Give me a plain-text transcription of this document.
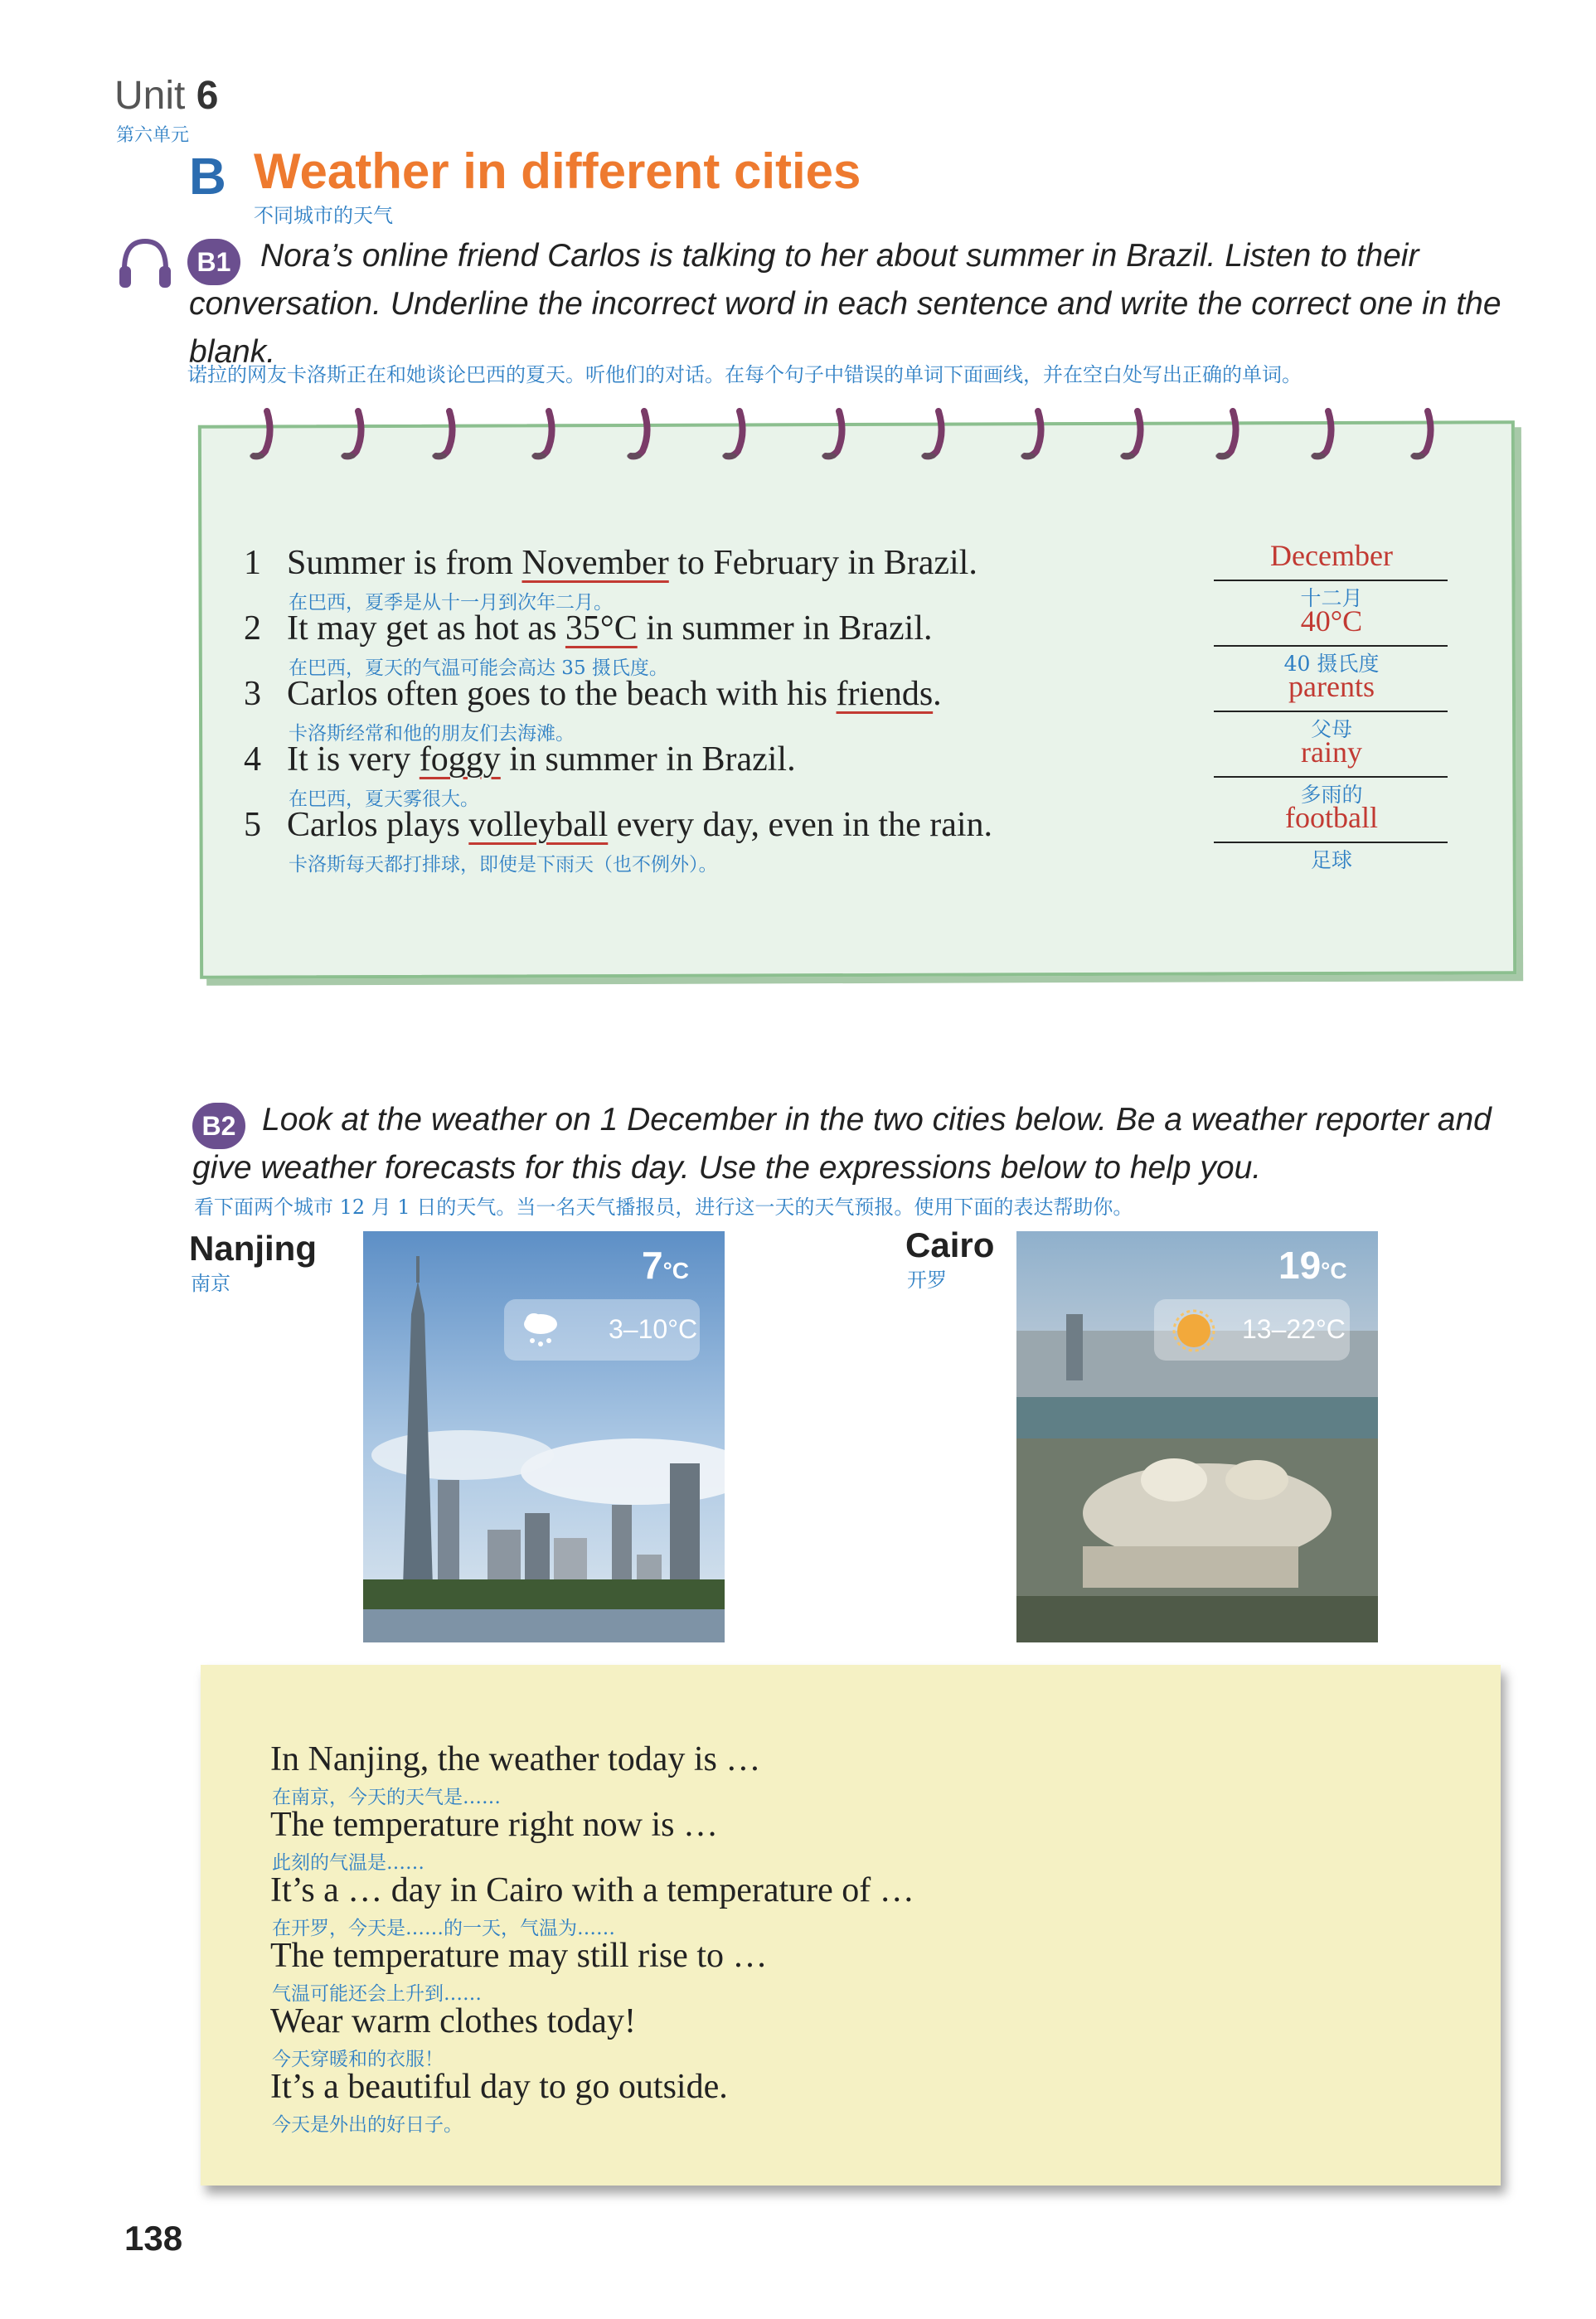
Unit 6
第六单元
B Weather in different cities
不同城市的天气
Nora’s online friend Carlos is talking to her about summer in Brazil. Listen to their conversation. Underline the incorrect word in each sentence and write the correct one in the blank.
B1
诺拉的网友卡洛斯正在和她谈论巴西的夏天。听他们的对话。在每个句子中错误的单词下面画线，并在空白处写出正确的单词。
1 Summer is from November to February in Brazil.
在巴西，夏季是从十一月到次年二月。
December
十二月
2 It may get as hot as 35°C in summer in Brazil.
在巴西，夏天的气温可能会高达 35 摄氏度。
40°C
40 摄氏度
3 Carlos often goes to the beach with his friends.
卡洛斯经常和他的朋友们去海滩。
parents
父母
4 It is very foggy in summer in Brazil.
在巴西，夏天雾很大。
rainy
多雨的
5 Carlos plays volleyball every day, even in the rain.
卡洛斯每天都打排球，即使是下雨天（也不例外）。
football
足球
Look at the weather on 1 December in the two cities below. Be a weather reporter and give weather forecasts for this day. Use the expressions below to help you.
B2
看下面两个城市 12 月 1 日的天气。当一名天气播报员，进行这一天的天气预报。使用下面的表达帮助你。
Nanjing
南京	7°C
3–10°C
Cairo
开罗	19°C
13–22°C
In Nanjing, the weather today is …
在南京，今天的天气是……
The temperature right now is …
此刻的气温是……
It’s a … day in Cairo with a temperature of …
在开罗，今天是……的一天，气温为……
The temperature may still rise to …
气温可能还会上升到……
Wear warm clothes today!
今天穿暖和的衣服！
It’s a beautiful day to go outside.
今天是外出的好日子。
138
